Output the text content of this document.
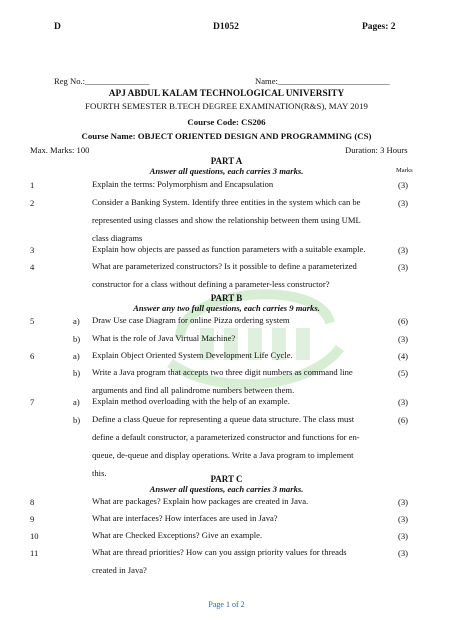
D	D1052	Pages: 2
Reg No.:_______________	Name:__________________________
APJ ABDUL KALAM TECHNOLOGICAL UNIVERSITY
FOURTH SEMESTER B.TECH DEGREE EXAMINATION(R&S), MAY 2019
Course Code: CS206
Course Name: OBJECT ORIENTED DESIGN AND PROGRAMMING (CS)
Max. Marks: 100	Duration: 3 Hours
PART A
Answer all questions, each carries 3 marks.	Marks
1	Explain the terms: Polymorphism and Encapsulation	(3)
2	Consider a Banking System. Identify three entities in the system which can be
represented using classes and show the relationship between them using UML
class diagrams
(3)
3	Explain how objects are passed as function parameters with a suitable example.	(3)
4	What are parameterized constructors? Is it possible to define a parameterized
constructor for a class without defining a parameter-less constructor?
(3)
PART B
Answer any two full questions, each carries 9 marks.
5	a) Draw Use case Diagram for online Pizza ordering system	(6)
b) What is the role of Java Virtual Machine?	(3)
6	a) Explain Object Oriented System Development Life Cycle.	(4)
b) Write a Java program that accepts two three digit numbers as command line
arguments and find all palindrome numbers between them.
(5)
7	a) Explain method overloading with the help of an example.	(3)
b) Define a class Queue for representing a queue data structure. The class must
define a default constructor, a parameterized constructor and functions for en-
queue, de-queue and display operations. Write a Java program to implement
this.
(6)
PART C
Answer all questions, each carries 3 marks.
8	What are packages? Explain how packages are created in Java.	(3)
9	What are interfaces? How interfaces are used in Java?	(3)
10	What are Checked Exceptions? Give an example.	(3)
11	What are thread priorities? How can you assign priority values for threads
created in Java?
(3)
Page 1 of 2
